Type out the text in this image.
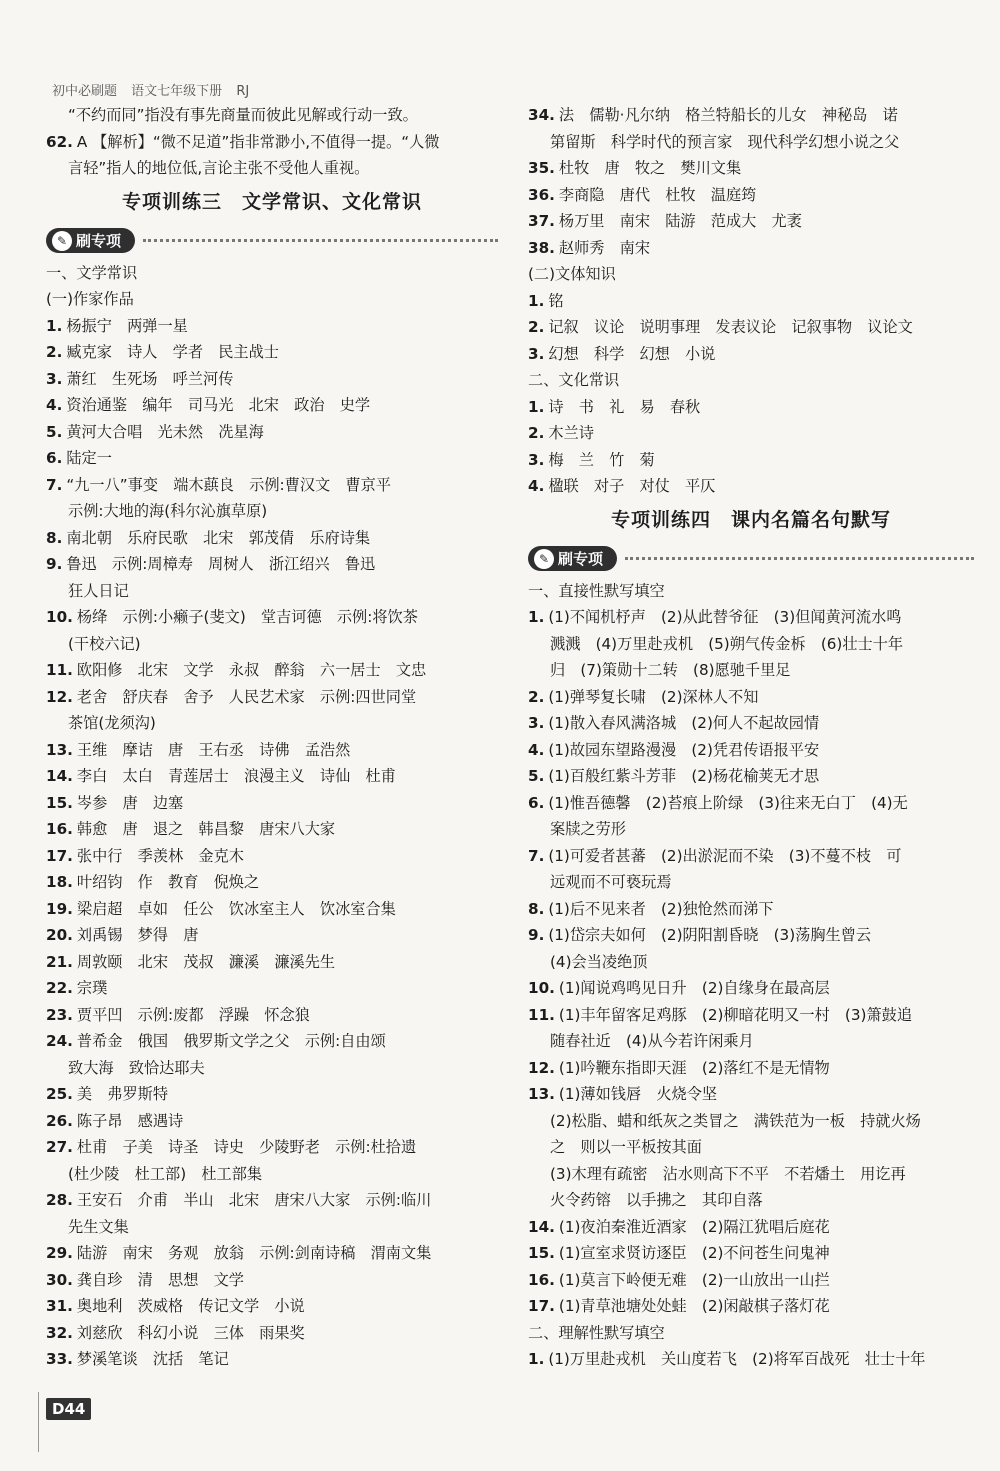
初中必刷题 语文七年级下册 RJ
“不约而同”指没有事先商量而彼此见解或行动一致。
62. A 【解析】“微不足道”指非常渺小,不值得一提。“人微
言轻”指人的地位低,言论主张不受他人重视。
专项训练三　文学常识、文化常识
✎ 刷专项
一、文学常识
(一)作家作品
1. 杨振宁　两弹一星
2. 臧克家　诗人　学者　民主战士
3. 萧红　生死场　呼兰河传
4. 资治通鉴　编年　司马光　北宋　政治　史学
5. 黄河大合唱　光未然　冼星海
6. 陆定一
7. “九一八”事变　端木蕻良　示例:曹汉文　曹京平
示例:大地的海(科尔沁旗草原)
8. 南北朝　乐府民歌　北宋　郭茂倩　乐府诗集
9. 鲁迅　示例:周樟寿　周树人　浙江绍兴　鲁迅
狂人日记
10. 杨绛　示例:小癞子(斐文)　堂吉诃德　示例:将饮茶
(干校六记)
11. 欧阳修　北宋　文学　永叔　醉翁　六一居士　文忠
12. 老舍　舒庆春　舍予　人民艺术家　示例:四世同堂
茶馆(龙须沟)
13. 王维　摩诘　唐　王右丞　诗佛　孟浩然
14. 李白　太白　青莲居士　浪漫主义　诗仙　杜甫
15. 岑参　唐　边塞
16. 韩愈　唐　退之　韩昌黎　唐宋八大家
17. 张中行　季羡林　金克木
18. 叶绍钧　作　教育　倪焕之
19. 梁启超　卓如　任公　饮冰室主人　饮冰室合集
20. 刘禹锡　梦得　唐
21. 周敦颐　北宋　茂叔　濂溪　濂溪先生
22. 宗璞
23. 贾平凹　示例:废都　浮躁　怀念狼
24. 普希金　俄国　俄罗斯文学之父　示例:自由颂
致大海　致恰达耶夫
25. 美　弗罗斯特
26. 陈子昂　感遇诗
27. 杜甫　子美　诗圣　诗史　少陵野老　示例:杜拾遗
(杜少陵　杜工部)　杜工部集
28. 王安石　介甫　半山　北宋　唐宋八大家　示例:临川
先生文集
29. 陆游　南宋　务观　放翁　示例:剑南诗稿　渭南文集
30. 龚自珍　清　思想　文学
31. 奥地利　茨威格　传记文学　小说
32. 刘慈欣　科幻小说　三体　雨果奖
33. 梦溪笔谈　沈括　笔记
34. 法　儒勒·凡尔纳　格兰特船长的儿女　神秘岛　诺
第留斯　科学时代的预言家　现代科学幻想小说之父
35. 杜牧　唐　牧之　樊川文集
36. 李商隐　唐代　杜牧　温庭筠
37. 杨万里　南宋　陆游　范成大　尤袤
38. 赵师秀　南宋
(二)文体知识
1. 铭
2. 记叙　议论　说明事理　发表议论　记叙事物　议论文
3. 幻想　科学　幻想　小说
二、文化常识
1. 诗　书　礼　易　春秋
2. 木兰诗
3. 梅　兰　竹　菊
4. 楹联　对子　对仗　平仄
专项训练四　课内名篇名句默写
✎ 刷专项
一、直接性默写填空
1. (1)不闻机杼声　(2)从此替爷征　(3)但闻黄河流水鸣
溅溅　(4)万里赴戎机　(5)朔气传金柝　(6)壮士十年
归　(7)策勋十二转　(8)愿驰千里足
2. (1)弹琴复长啸　(2)深林人不知
3. (1)散入春风满洛城　(2)何人不起故园情
4. (1)故园东望路漫漫　(2)凭君传语报平安
5. (1)百般红紫斗芳菲　(2)杨花榆荚无才思
6. (1)惟吾德馨　(2)苔痕上阶绿　(3)往来无白丁　(4)无
案牍之劳形
7. (1)可爱者甚蕃　(2)出淤泥而不染　(3)不蔓不枝　可
远观而不可亵玩焉
8. (1)后不见来者　(2)独怆然而涕下
9. (1)岱宗夫如何　(2)阴阳割昏晓　(3)荡胸生曾云
(4)会当凌绝顶
10. (1)闻说鸡鸣见日升　(2)自缘身在最高层
11. (1)丰年留客足鸡豚　(2)柳暗花明又一村　(3)箫鼓追
随春社近　(4)从今若许闲乘月
12. (1)吟鞭东指即天涯　(2)落红不是无情物
13. (1)薄如钱唇　火烧令坚
(2)松脂、蜡和纸灰之类冒之　满铁范为一板　持就火炀
之　则以一平板按其面
(3)木理有疏密　沾水则高下不平　不若燔土　用讫再
火令药镕　以手拂之　其印自落
14. (1)夜泊秦淮近酒家　(2)隔江犹唱后庭花
15. (1)宣室求贤访逐臣　(2)不问苍生问鬼神
16. (1)莫言下岭便无难　(2)一山放出一山拦
17. (1)青草池塘处处蛙　(2)闲敲棋子落灯花
二、理解性默写填空
1. (1)万里赴戎机　关山度若飞　(2)将军百战死　壮士十年
D44
